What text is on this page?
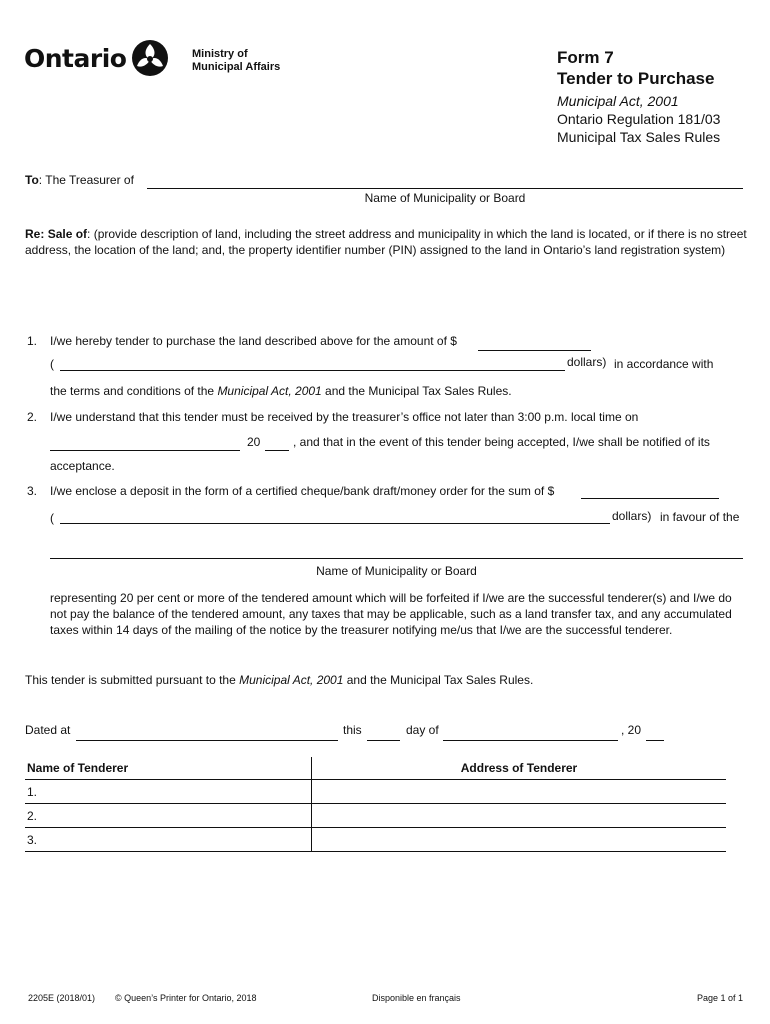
Ontario	Ministry of
Municipal Affairs	Form 7
Tender to Purchase
Municipal Act, 2001
Ontario Regulation 181/03
Municipal Tax Sales Rules
To: The Treasurer of
Name of Municipality or Board
Re: Sale of: (provide description of land, including the street address and municipality in which the land is located, or if there is no street address, the location of the land; and, the property identifier number (PIN) assigned to the land in Ontario’s land registration system)
1. I/we hereby tender to purchase the land described above for the amount of $
(	dollars) in accordance with
the terms and conditions of the Municipal Act, 2001 and the Municipal Tax Sales Rules.
2. I/we understand that this tender must be received by the treasurer’s office not later than 3:00 p.m. local time on
20	, and that in the event of this tender being accepted, I/we shall be notified of its
acceptance.
3. I/we enclose a deposit in the form of a certified cheque/bank draft/money order for the sum of $
(	dollars) in favour of the
Name of Municipality or Board
representing 20 per cent or more of the tendered amount which will be forfeited if I/we are the successful tenderer(s) and I/we do not pay the balance of the tendered amount, any taxes that may be applicable, such as a land transfer tax, and any accumulated taxes within 14 days of the mailing of the notice by the treasurer notifying me/us that I/we are the successful tenderer.
This tender is submitted pursuant to the Municipal Act, 2001 and the Municipal Tax Sales Rules.
Dated at	this	day of	, 20
Name of Tenderer	Address of Tenderer
1.	
2.	
3.	
2205E (2018/01) © Queen’s Printer for Ontario, 2018	Disponible en français	Page 1 of 1
